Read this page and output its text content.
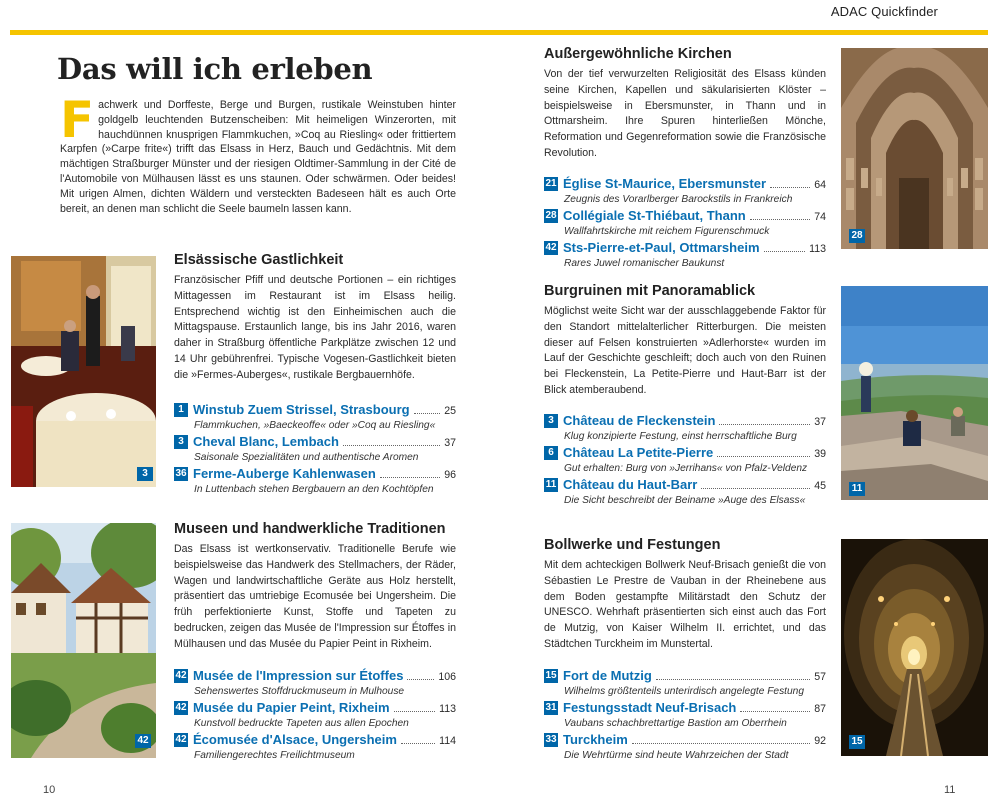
ADAC Quickfinder
Das will ich erleben
Fachwerk und Dorffeste, Berge und Burgen, rustikale Weinstuben hinter goldgelb leuchtenden Butzenscheiben: Mit heimeligen Winzerorten, mit hauchdünnen knusprigen Flammkuchen, »Coq au Riesling« oder frittiertem Karpfen (»Carpe frite«) trifft das Elsass in Herz, Bauch und Gedächtnis. Mit dem mächtigen Straßburger Münster und der riesigen Oldtimer-Sammlung in der Cité de l'Automobile von Mülhausen lässt es uns staunen. Oder schwärmen. Oder beides! Mit urigen Almen, dichten Wäldern und versteckten Badeseen hält es auch Orte bereit, an denen man schlicht die Seele baumeln lassen kann.
3
Elsässische Gastlichkeit
Französischer Pfiff und deutsche Portionen – ein richtiges Mittagessen im Restaurant ist im Elsass heilig. Entsprechend wichtig ist den Einheimischen auch die Mittagspause. Erstaunlich lange, bis ins Jahr 2016, waren daher in Straßburg öffentliche Parkplätze zwischen 12 und 14 Uhr gebührenfrei. Typische Vogesen-Gastlichkeit bieten die »Fermes-Auberges«, rustikale Bergbauernhöfe.
1 Winstub Zuem Strissel, Strasbourg	25
Flammkuchen, »Baeckeoffe« oder »Coq au Riesling«
3 Cheval Blanc, Lembach	37
Saisonale Spezialitäten und authentische Aromen
36 Ferme-Auberge Kahlenwasen	96
In Luttenbach stehen Bergbauern an den Kochtöpfen
42
Museen und handwerkliche Traditionen
Das Elsass ist wertkonservativ. Traditionelle Berufe wie beispielsweise das Handwerk des Stellmachers, der Räder, Wagen und landwirtschaftliche Geräte aus Holz herstellt, präsentiert das umtriebige Ecomusée bei Ungersheim. Die früh perfektionierte Kunst, Stoffe und Tapeten zu bedrucken, zeigen das Musée de l'Impression sur Étoffes in Mülhausen und das Musée du Papier Peint in Rixheim.
42 Musée de l'Impression sur Étoffes	106
Sehenswertes Stoffdruckmuseum in Mulhouse
42 Musée du Papier Peint, Rixheim	113
Kunstvoll bedruckte Tapeten aus allen Epochen
42 Écomusée d'Alsace, Ungersheim	114
Familiengerechtes Freilichtmuseum
Außergewöhnliche Kirchen
Von der tief verwurzelten Religiosität des Elsass künden seine Kirchen, Kapellen und säkularisierten Klöster – beispielsweise in Ebersmunster, in Thann und in Ottmarsheim. Ihre Spuren hinterließen Mönche, Reformation und Gegenreformation sowie die Französische Revolution.
21 Église St-Maurice, Ebersmunster	64
Zeugnis des Vorarlberger Barockstils in Frankreich
28 Collégiale St-Thiébaut, Thann	74
Wallfahrtskirche mit reichem Figurenschmuck
42 Sts-Pierre-et-Paul, Ottmarsheim	113
Rares Juwel romanischer Baukunst
28
Burgruinen mit Panoramablick
Möglichst weite Sicht war der ausschlaggebende Faktor für den Standort mittelalterlicher Ritterburgen. Die meisten dieser auf Felsen konstruierten »Adlerhorste« wurden im Lauf der Geschichte geschleift; doch auch von den Ruinen bei Fleckenstein, La Petite-Pierre und Haut-Barr ist der Blick atemberaubend.
3 Château de Fleckenstein	37
Klug konzipierte Festung, einst herrschaftliche Burg
6 Château La Petite-Pierre	39
Gut erhalten: Burg von »Jerrihans« von Pfalz-Veldenz
11 Château du Haut-Barr	45
Die Sicht beschreibt der Beiname »Auge des Elsass«
11
Bollwerke und Festungen
Mit dem achteckigen Bollwerk Neuf-Brisach genießt die von Sébastien Le Prestre de Vauban in der Rheinebene aus dem Boden gestampfte Militärstadt den Schutz der UNESCO. Wehrhaft präsentierten sich einst auch das Fort de Mutzig, von Kaiser Wilhelm II. errichtet, und das Städtchen Turckheim im Munstertal.
15 Fort de Mutzig	57
Wilhelms größtenteils unterirdisch angelegte Festung
31 Festungsstadt Neuf-Brisach	87
Vaubans schachbrettartige Bastion am Oberrhein
33 Turckheim	92
Die Wehrtürme sind heute Wahrzeichen der Stadt
15
10	11
